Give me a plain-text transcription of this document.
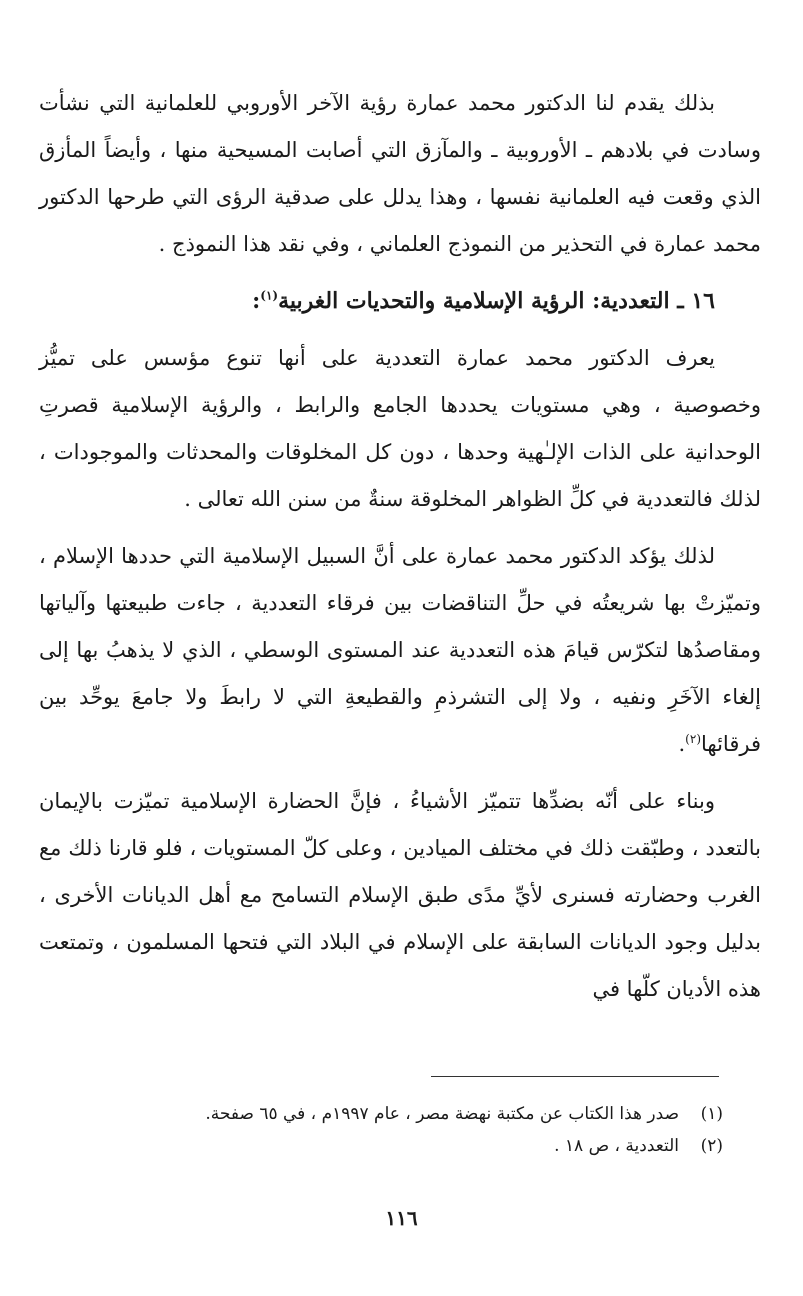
بذلك يقدم لنا الدكتور محمد عمارة رؤية الآخر الأوروبي للعلمانية التي نشأت وسادت في بلادهم ـ الأوروبية ـ والمآزق التي أصابت المسيحية منها ، وأيضاً المأزق الذي وقعت فيه العلمانية نفسها ، وهذا يدلل على صدقية الرؤى التي طرحها الدكتور محمد عمارة في التحذير من النموذج العلماني ، وفي نقد هذا النموذج .

١٦ ـ التعددية: الرؤية الإسلامية والتحديات الغربية$^{(١)}$:

يعرف الدكتور محمد عمارة التعددية على أنها تنوع مؤسس على تميُّز وخصوصية ، وهي مستويات يحددها الجامع والرابط ، والرؤية الإسلامية قصرتِ الوحدانية على الذات الإلـٰهية وحدها ، دون كل المخلوقات والمحدثات والموجودات ، لذلك فالتعددية في كلِّ الظواهر المخلوقة سنةٌ من سنن الله تعالى .

لذلك يؤكد الدكتور محمد عمارة على أنَّ السبيل الإسلامية التي حددها الإسلام ، وتميّزتْ بها شريعتُه في حلِّ التناقضات بين فرقاء التعددية ، جاءت طبيعتها وآلياتها ومقاصدُها لتكرّس قيامَ هذه التعددية عند المستوى الوسطي ، الذي لا يذهبُ بها إلى إلغاء الآخَرِ ونفيه ، ولا إلى التشرذمِ والقطيعةِ التي لا رابطَ ولا جامعَ يوحِّد بين فرقائها$^{(٢)}$.

وبناء على أنّه بضدِّها تتميّز الأشياءُ ، فإنَّ الحضارة الإسلامية تميّزت بالإيمان بالتعدد ، وطبّقت ذلك في مختلف الميادين ، وعلى كلّ المستويات ، فلو قارنا ذلك مع الغرب وحضارته فسنرى لأيِّ مدًى طبق الإسلام التسامح مع أهل الديانات الأخرى ، بدليل وجود الديانات السابقة على الإسلام في البلاد التي فتحها المسلمون ، وتمتعت هذه الأديان كلّها في

(١)صدر هذا الكتاب عن مكتبة نهضة مصر ، عام ١٩٩٧م ، في ٦٥ صفحة.

(٢)التعددية ، ص ١٨ .

١١٦
